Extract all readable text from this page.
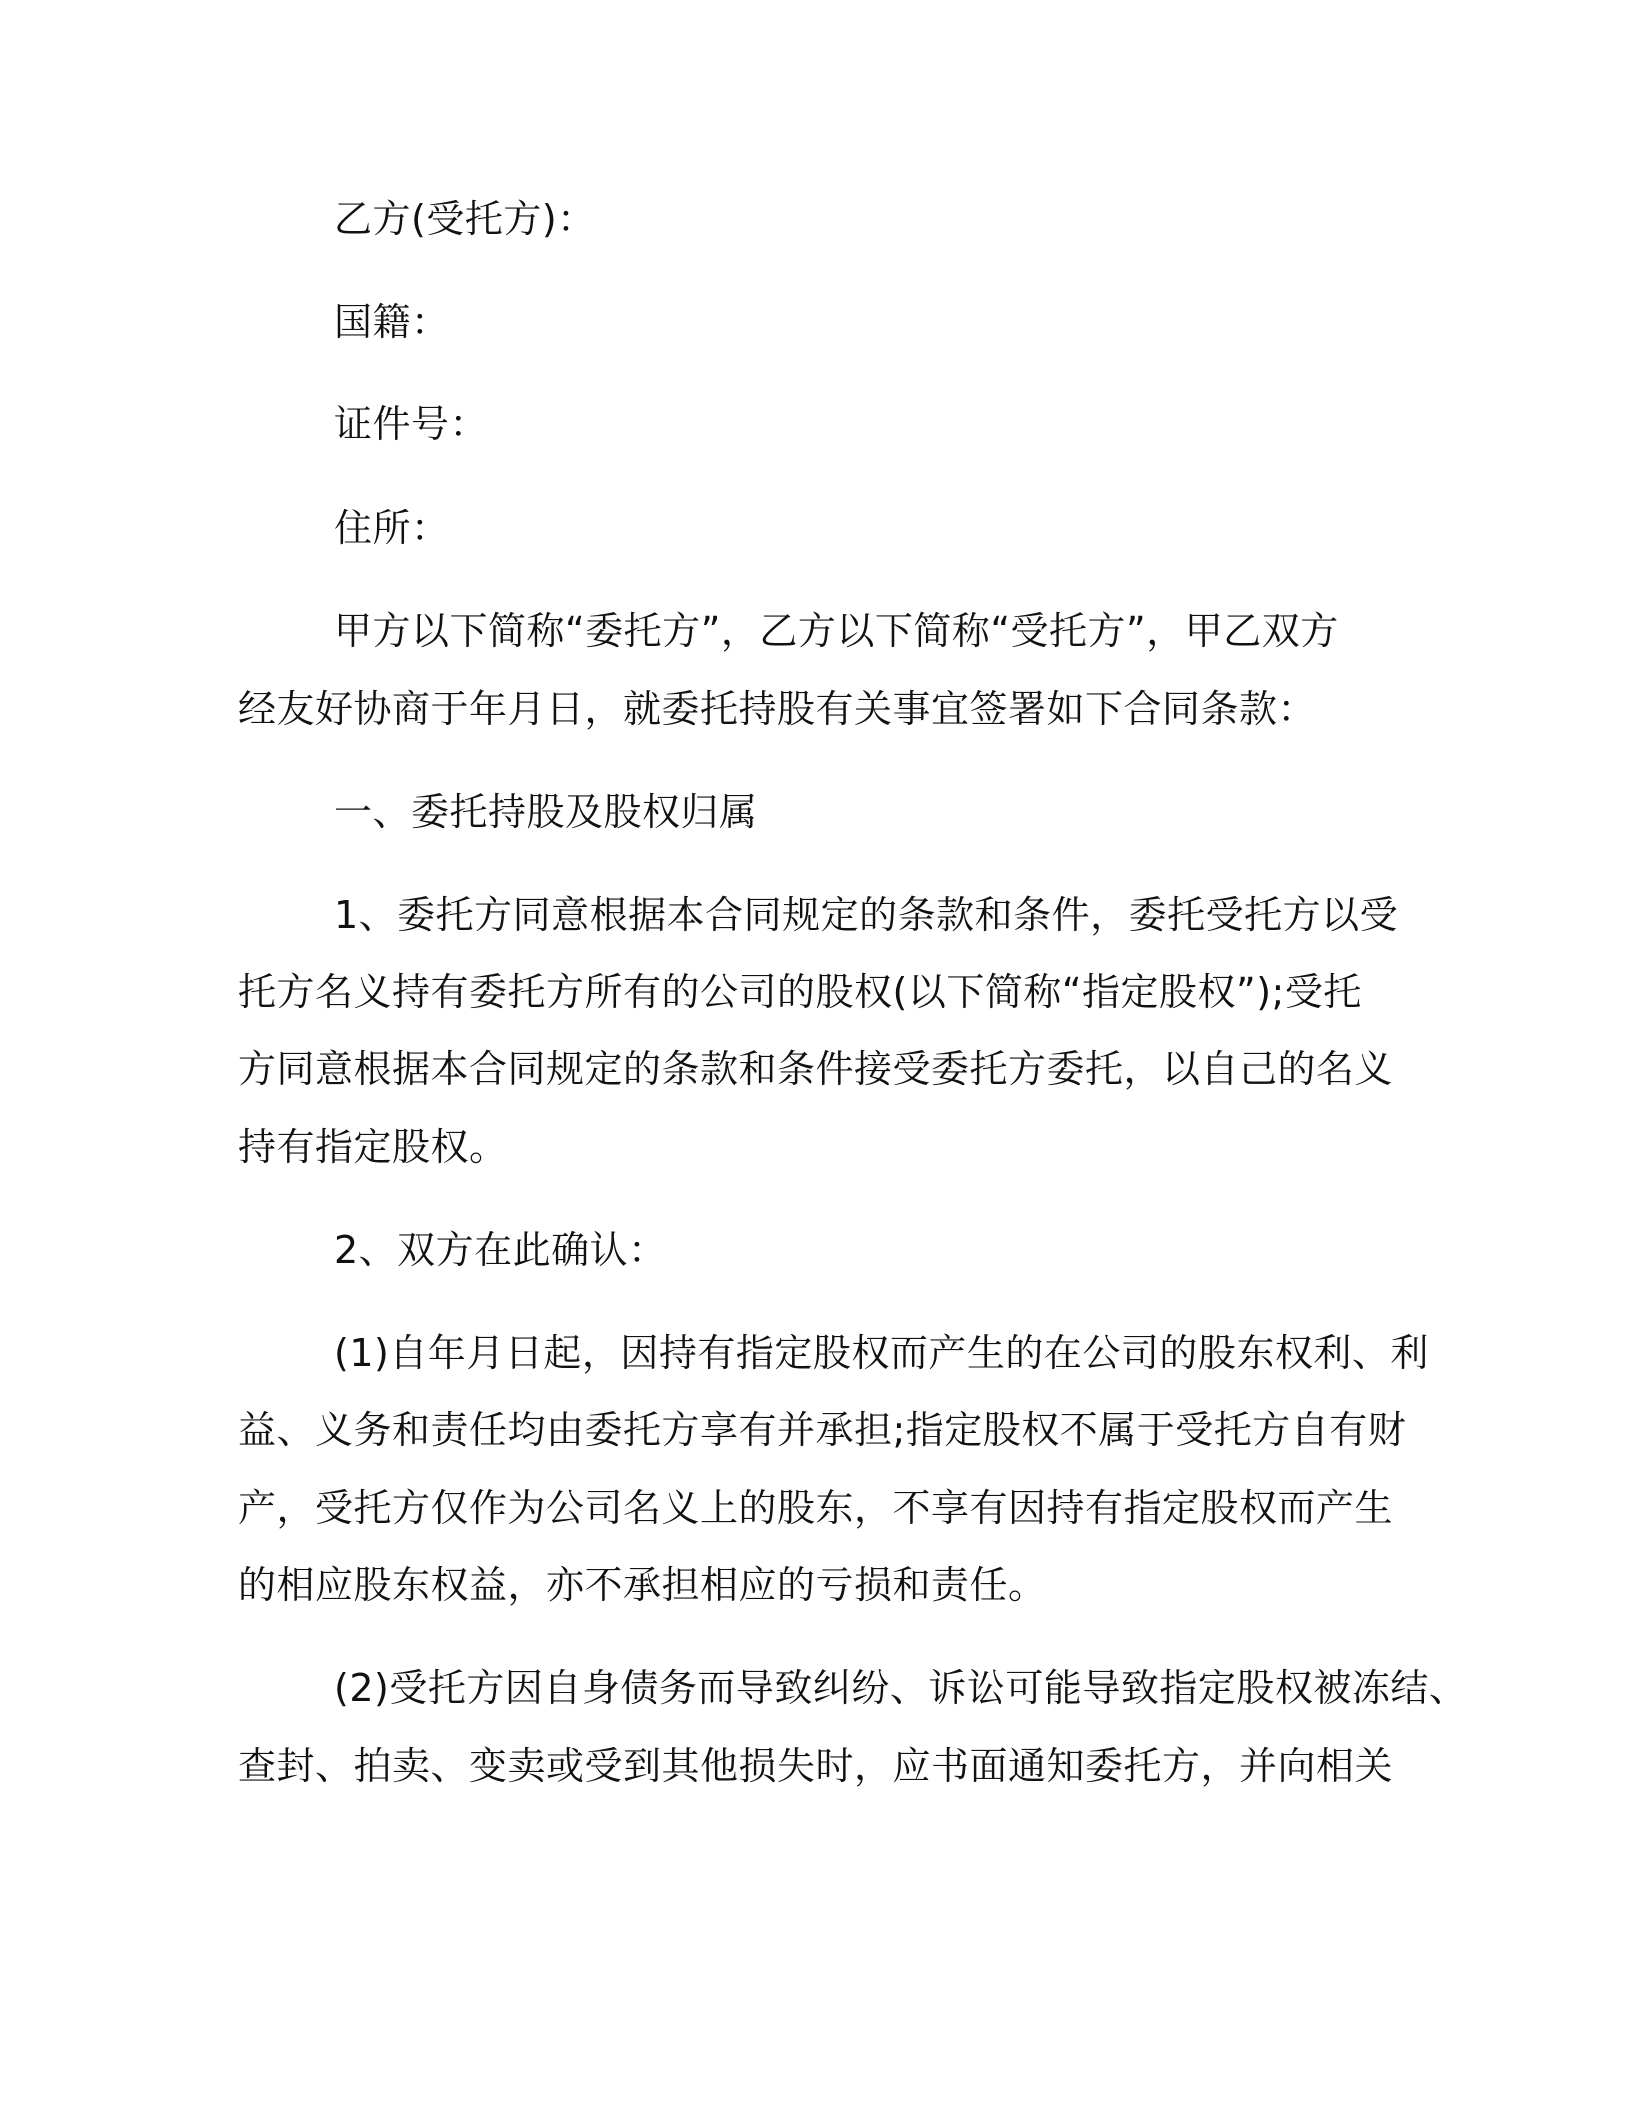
乙方(受托方)：
国籍：
证件号：
住所：
甲方以下简称“委托方”，乙方以下简称“受托方”，甲乙双方
经友好协商于年月日，就委托持股有关事宜签署如下合同条款：
一、委托持股及股权归属
1、委托方同意根据本合同规定的条款和条件，委托受托方以受
托方名义持有委托方所有的公司的股权(以下简称“指定股权”);受托
方同意根据本合同规定的条款和条件接受委托方委托，以自己的名义
持有指定股权。
2、双方在此确认：
(1)自年月日起，因持有指定股权而产生的在公司的股东权利、利
益、义务和责任均由委托方享有并承担;指定股权不属于受托方自有财
产，受托方仅作为公司名义上的股东，不享有因持有指定股权而产生
的相应股东权益，亦不承担相应的亏损和责任。
(2)受托方因自身债务而导致纠纷、诉讼可能导致指定股权被冻结、
查封、拍卖、变卖或受到其他损失时，应书面通知委托方，并向相关
